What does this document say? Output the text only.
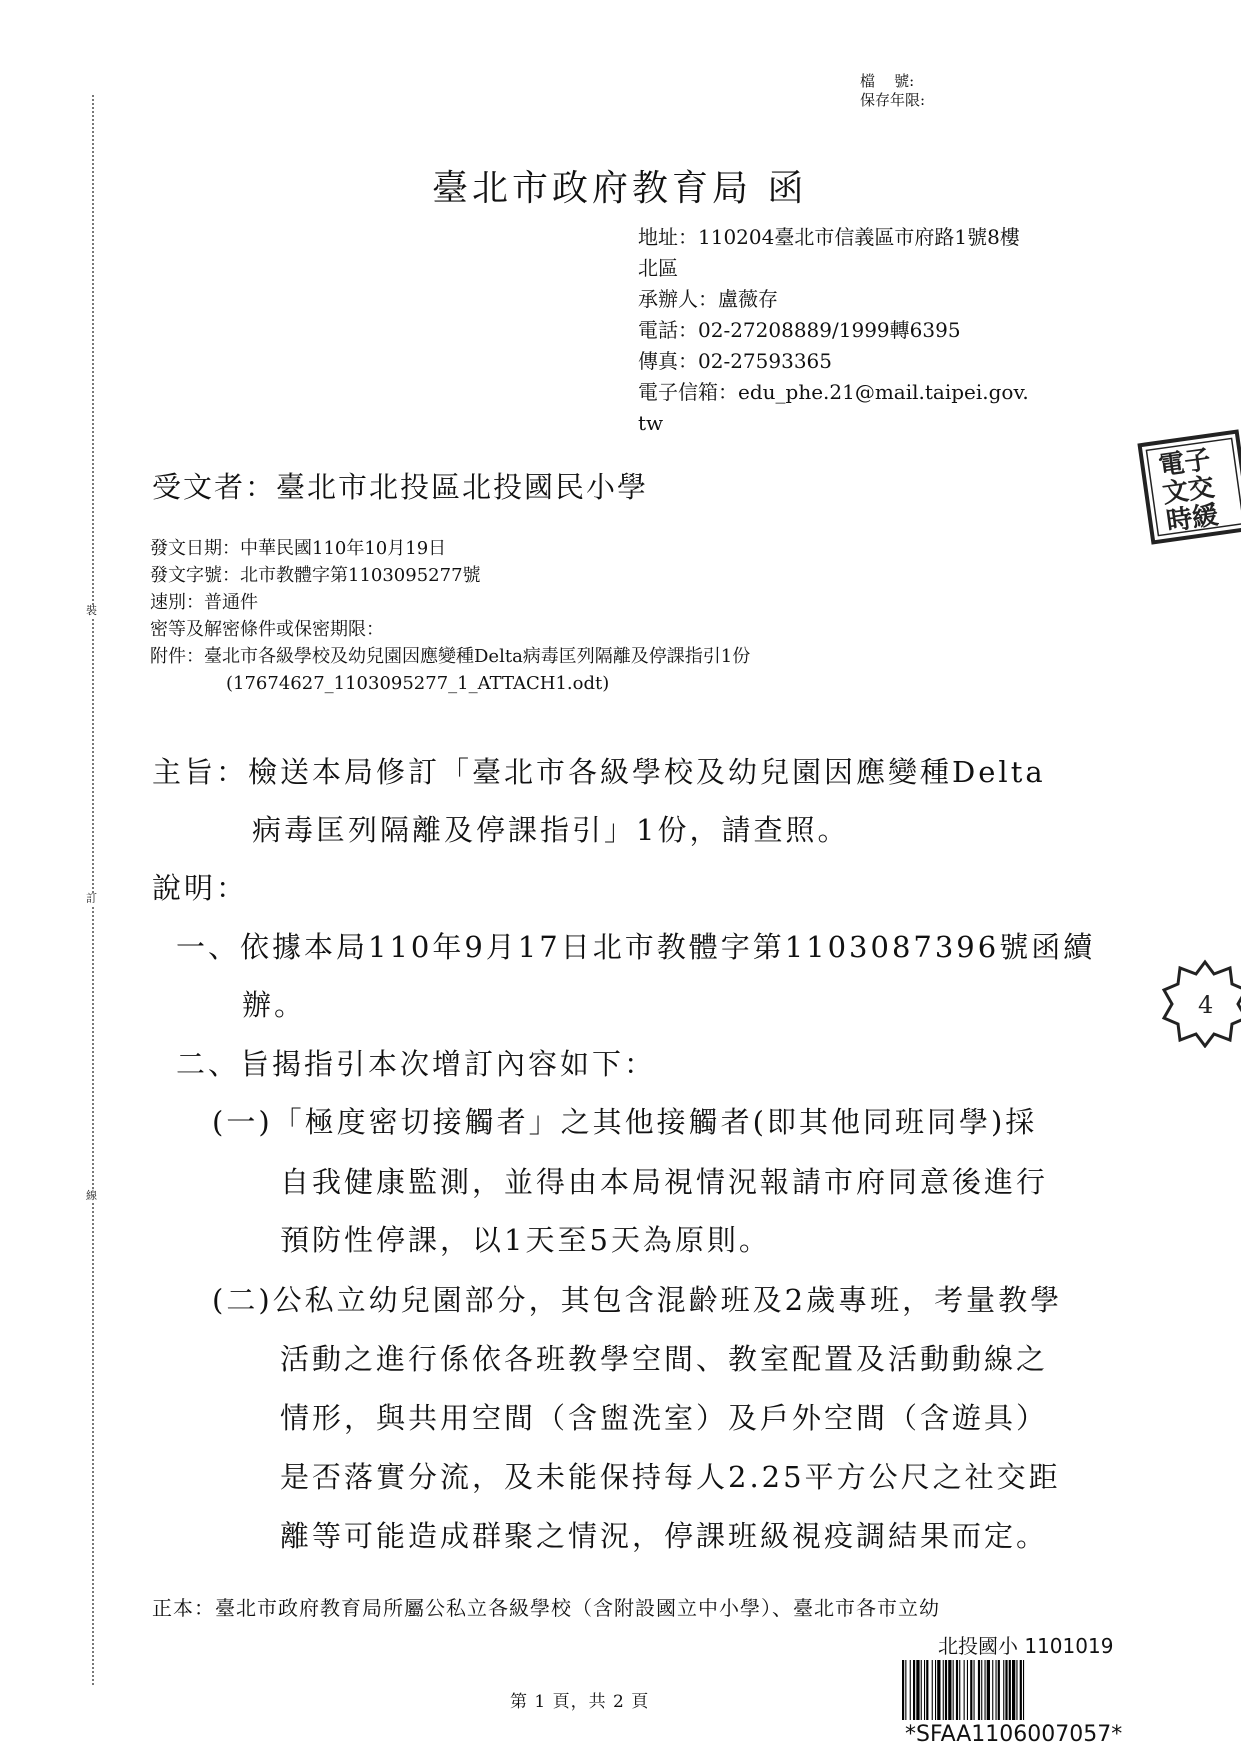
裝
訂
線
檔    號:
保存年限:
臺北市政府教育局 函
地址：110204臺北市信義區市府路1號8樓
北區
承辦人：盧薇存
電話：02-27208889/1999轉6395
傳真：02-27593365
電子信箱：edu_phe.21@mail.taipei.gov.
tw
受文者：臺北市北投區北投國民小學
發文日期：中華民國110年10月19日
發文字號：北市教體字第1103095277號
速別：普通件
密等及解密條件或保密期限：
附件：臺北市各級學校及幼兒園因應變種Delta病毒匡列隔離及停課指引1份
(17674627_1103095277_1_ATTACH1.odt)
主旨：檢送本局修訂「臺北市各級學校及幼兒園因應變種Delta
病毒匡列隔離及停課指引」1份，請查照。
說明：
一、依據本局110年9月17日北市教體字第1103087396號函續
辦。
二、旨揭指引本次增訂內容如下：
(一)「極度密切接觸者」之其他接觸者(即其他同班同學)採
自我健康監測，並得由本局視情況報請市府同意後進行
預防性停課，以1天至5天為原則。
(二)公私立幼兒園部分，其包含混齡班及2歲專班，考量教學
活動之進行係依各班教學空間、教室配置及活動動線之
情形，與共用空間（含盥洗室）及戶外空間（含遊具）
是否落實分流，及未能保持每人2.25平方公尺之社交距
離等可能造成群聚之情況，停課班級視疫調結果而定。
正本：臺北市政府教育局所屬公私立各級學校（含附設國立中小學）、臺北市各市立幼
第 1 頁，共 2 頁
電子
文交
時緩
4
北投國小 1101019
*SFAA1106007057*
